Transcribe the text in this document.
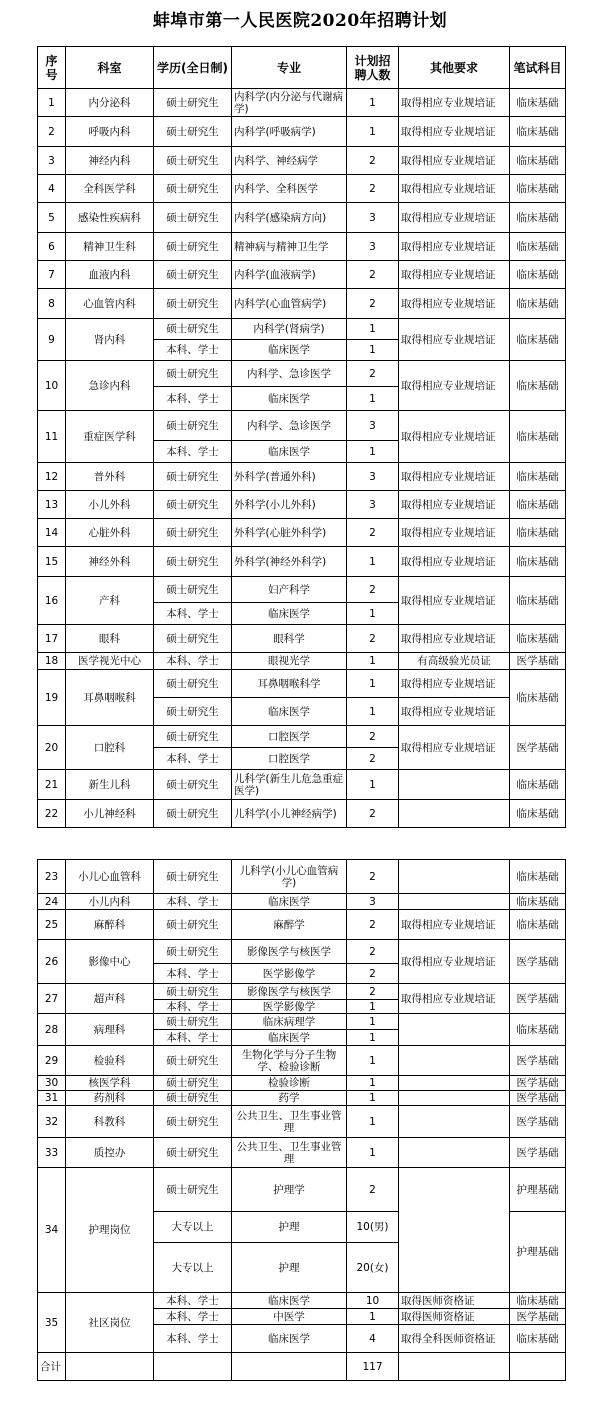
蚌埠市第一人民医院2020年招聘计划
序号	科室	学历(全日制)	专业	计划招聘人数	其他要求	笔试科目
1	内分泌科	硕士研究生	内科学(内分泌与代谢病学)	1	取得相应专业规培证	临床基础
2	呼吸内科	硕士研究生	内科学(呼吸病学)	1	取得相应专业规培证	临床基础
3	神经内科	硕士研究生	内科学、神经病学	2	取得相应专业规培证	临床基础
4	全科医学科	硕士研究生	内科学、全科医学	2	取得相应专业规培证	临床基础
5	感染性疾病科	硕士研究生	内科学(感染病方向)	3	取得相应专业规培证	临床基础
6	精神卫生科	硕士研究生	精神病与精神卫生学	3	取得相应专业规培证	临床基础
7	血液内科	硕士研究生	内科学(血液病学)	2	取得相应专业规培证	临床基础
8	心血管内科	硕士研究生	内科学(心血管病学)	2	取得相应专业规培证	临床基础
9	肾内科	硕士研究生	内科学(肾病学)	1	取得相应专业规培证	临床基础
		本科、学士	临床医学	1		
10	急诊内科	硕士研究生	内科学、急诊医学	2	取得相应专业规培证	临床基础
		本科、学士	临床医学	1		
11	重症医学科	硕士研究生	内科学、急诊医学	3	取得相应专业规培证	临床基础
		本科、学士	临床医学	1		
12	普外科	硕士研究生	外科学(普通外科)	3	取得相应专业规培证	临床基础
13	小儿外科	硕士研究生	外科学(小儿外科)	3	取得相应专业规培证	临床基础
14	心脏外科	硕士研究生	外科学(心脏外科学)	2	取得相应专业规培证	临床基础
15	神经外科	硕士研究生	外科学(神经外科学)	1	取得相应专业规培证	临床基础
16	产科	硕士研究生	妇产科学	2	取得相应专业规培证	临床基础
		本科、学士	临床医学	1		
17	眼科	硕士研究生	眼科学	2	取得相应专业规培证	临床基础
18	医学视光中心	本科、学士	眼视光学	1	有高级验光员证	医学基础
19	耳鼻咽喉科	硕士研究生	耳鼻咽喉科学	1	取得相应专业规培证	临床基础
		硕士研究生	临床医学	1	取得相应专业规培证	
20	口腔科	硕士研究生	口腔医学	2	取得相应专业规培证	医学基础
		本科、学士	口腔医学	2		
21	新生儿科	硕士研究生	儿科学(新生儿危急重症医学)	1		临床基础
22	小儿神经科	硕士研究生	儿科学(小儿神经病学)	2		临床基础
23	小儿心血管科	硕士研究生	儿科学(小儿心血管病学)	2		临床基础
24	小儿内科	本科、学士	临床医学	3		临床基础
25	麻醉科	硕士研究生	麻醉学	2	取得相应专业规培证	临床基础
26	影像中心	硕士研究生	影像医学与核医学	2	取得相应专业规培证	医学基础
		本科、学士	医学影像学	2		
27	超声科	硕士研究生	影像医学与核医学	2	取得相应专业规培证	医学基础
		本科、学士	医学影像学	1		
28	病理科	硕士研究生	临床病理学	1		临床基础
		本科、学士	临床医学	1		
29	检验科	硕士研究生	生物化学与分子生物学、检验诊断	1		医学基础
30	核医学科	硕士研究生	检验诊断	1		医学基础
31	药剂科	硕士研究生	药学	1		医学基础
32	科教科	硕士研究生	公共卫生、卫生事业管理	1		医学基础
33	质控办	硕士研究生	公共卫生、卫生事业管理	1		医学基础
34	护理岗位	硕士研究生	护理学	2		护理基础
		大专以上	护理	10(男)		护理基础
		大专以上	护理	20(女)		
35	社区岗位	本科、学士	临床医学	10	取得医师资格证	临床基础
		本科、学士	中医学	1	取得医师资格证	医学基础
		本科、学士	临床医学	4	取得全科医师资格证	临床基础
合计				117		
